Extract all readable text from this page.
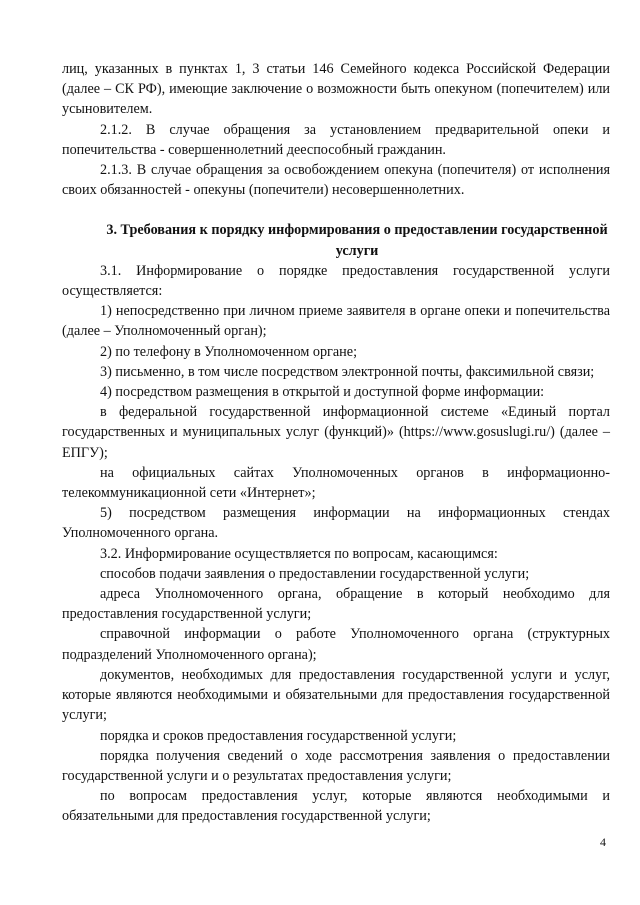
лиц, указанных в пунктах 1, 3 статьи 146 Семейного кодекса Российской Федерации (далее – СК РФ), имеющие заключение о возможности быть опекуном (попечителем) или усыновителем.

2.1.2. В случае обращения за установлением предварительной опеки и попечительства - совершеннолетний дееспособный гражданин.

2.1.3. В случае обращения за освобождением опекуна (попечителя) от исполнения своих обязанностей - опекуны (попечители) несовершеннолетних.

3. Требования к порядку информирования о предоставлении государственной услуги

3.1. Информирование о порядке предоставления государственной услуги осуществляется:

1) непосредственно при личном приеме заявителя в органе опеки и попечительства (далее – Уполномоченный орган);

2) по телефону в Уполномоченном органе;

3) письменно, в том числе посредством электронной почты, факсимильной связи;

4) посредством размещения в открытой и доступной форме информации:

в федеральной государственной информационной системе «Единый портал государственных и муниципальных услуг (функций)» (https://www.gosuslugi.ru/) (далее – ЕПГУ);

на официальных сайтах Уполномоченных органов в информационно-телекоммуникационной сети «Интернет»;

5) посредством размещения информации на информационных стендах Уполномоченного органа.

3.2. Информирование осуществляется по вопросам, касающимся:

способов подачи заявления о предоставлении государственной услуги;

адреса Уполномоченного органа, обращение в который необходимо для предоставления государственной услуги;

справочной информации о работе Уполномоченного органа (структурных подразделений Уполномоченного органа);

документов, необходимых для предоставления государственной услуги и услуг, которые являются необходимыми и обязательными для предоставления государственной услуги;

порядка и сроков предоставления государственной услуги;

порядка получения сведений о ходе рассмотрения заявления о предоставлении государственной услуги и о результатах предоставления услуги;

по вопросам предоставления услуг, которые являются необходимыми и обязательными для предоставления государственной услуги;

4
